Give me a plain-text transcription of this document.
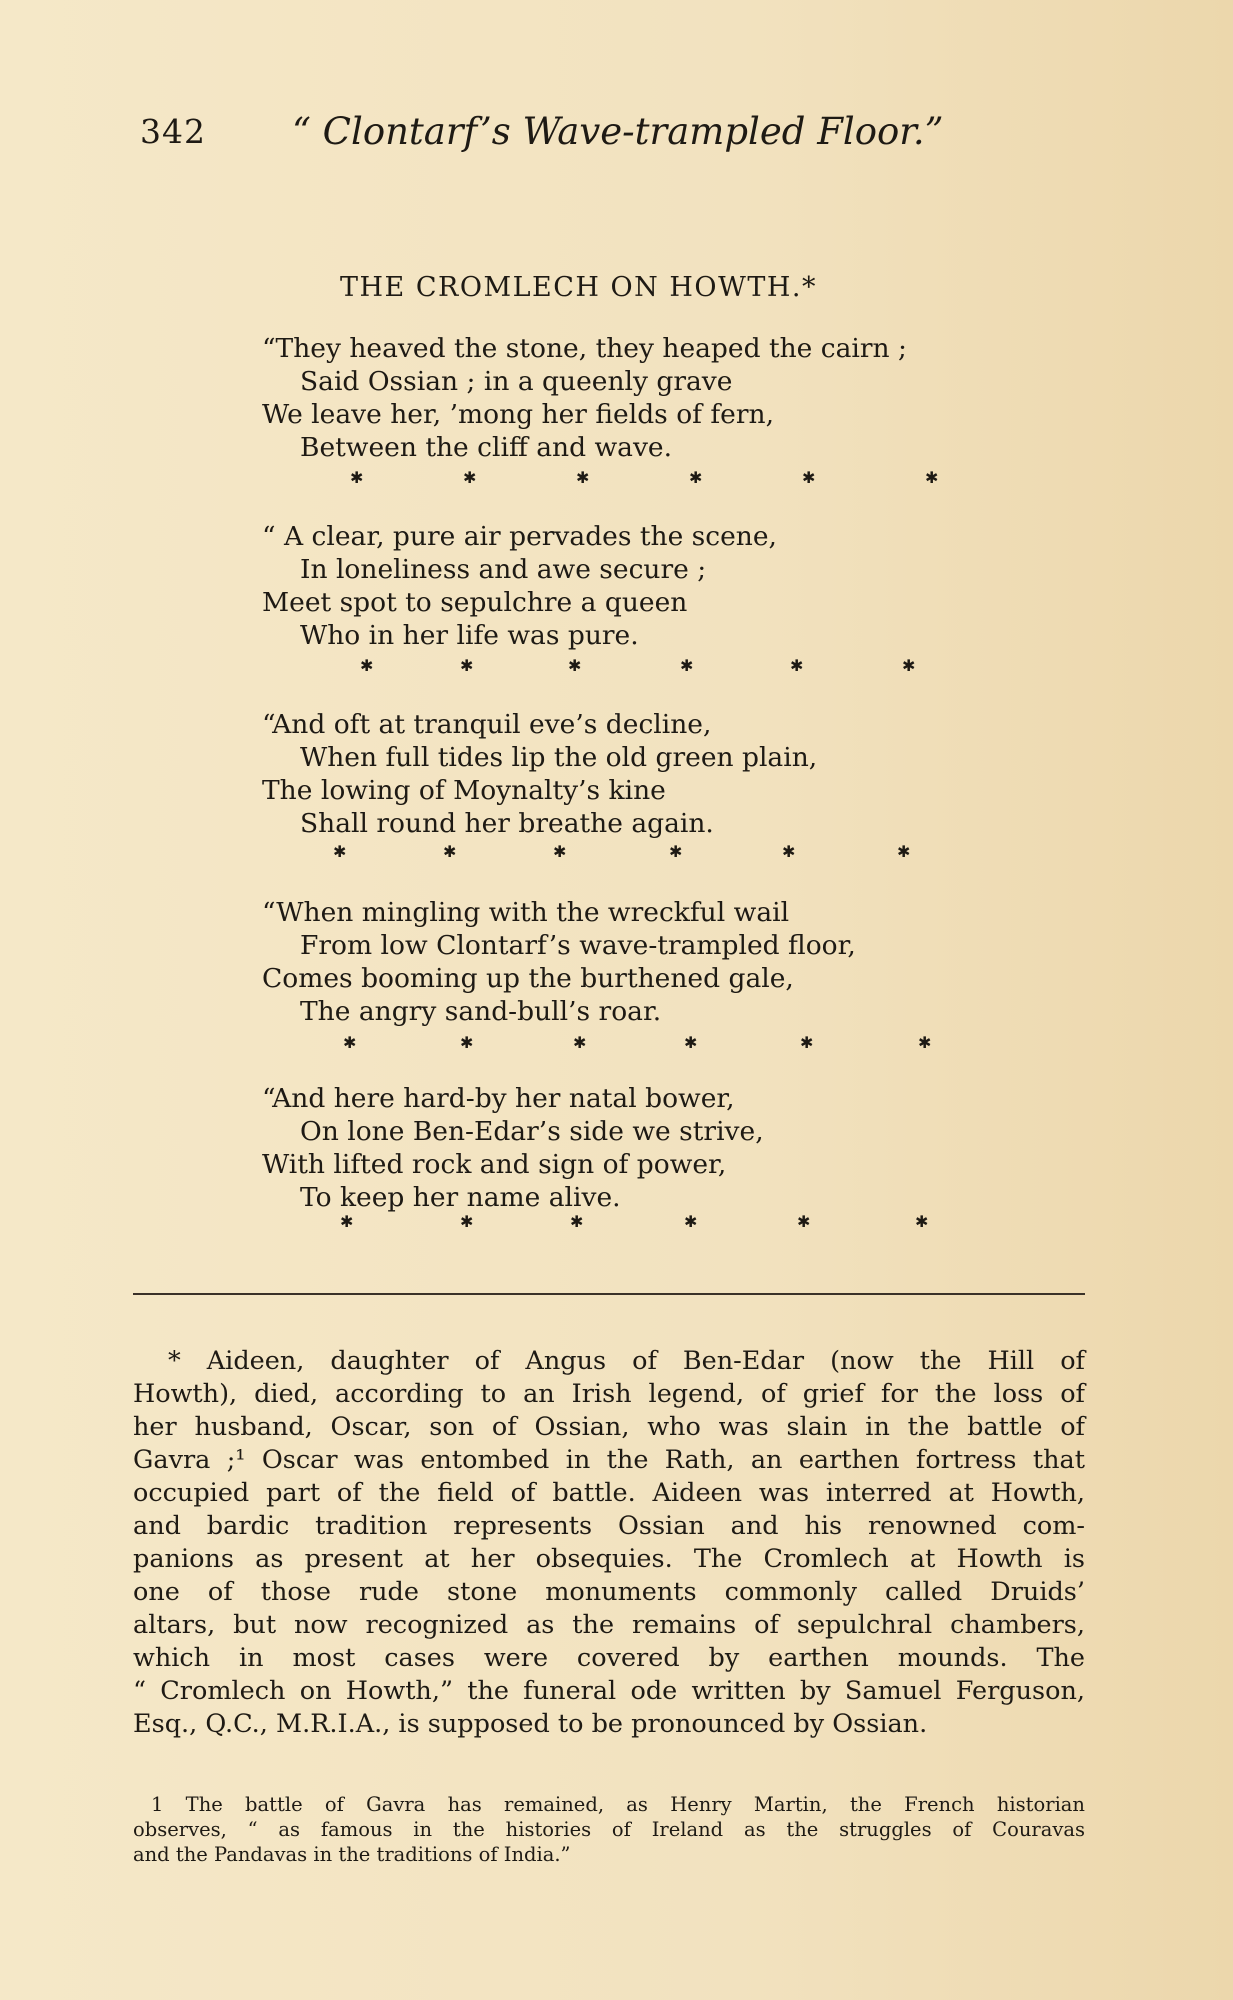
342 “ Clontarf’s Wave-trampled Floor.”
THE CROMLECH ON HOWTH.*
“They heaved the stone, they heaped the cairn ;
Said Ossian ; in a queenly grave
We leave her, ’mong her fields of fern,
Between the cliff and wave.
✱	✱	✱	✱	✱	✱
“ A clear, pure air pervades the scene,
In loneliness and awe secure ;
Meet spot to sepulchre a queen
Who in her life was pure.
✱	✱	✱	✱	✱	✱
“And oft at tranquil eve’s decline,
When full tides lip the old green plain,
The lowing of Moynalty’s kine
Shall round her breathe again.
✱	✱	✱	✱	✱	✱
“When mingling with the wreckful wail
From low Clontarf’s wave-trampled floor,
Comes booming up the burthened gale,
The angry sand-bull’s roar.
✱	✱	✱	✱	✱	✱
“And here hard-by her natal bower,
On lone Ben-Edar’s side we strive,
With lifted rock and sign of power,
To keep her name alive.
✱	✱	✱	✱	✱	✱
* Aideen, daughter of Angus of Ben-Edar (now the Hill of
Howth), died, according to an Irish legend, of grief for the loss of
her husband, Oscar, son of Ossian, who was slain in the battle of
Gavra ;¹ Oscar was entombed in the Rath, an earthen fortress that
occupied part of the field of battle. Aideen was interred at Howth,
and bardic tradition represents Ossian and his renowned com-
panions as present at her obsequies. The Cromlech at Howth is
one of those rude stone monuments commonly called Druids’
altars, but now recognized as the remains of sepulchral chambers,
which in most cases were covered by earthen mounds. The
“ Cromlech on Howth,” the funeral ode written by Samuel Ferguson,
Esq., Q.C., M.R.I.A., is supposed to be pronounced by Ossian.
1 The battle of Gavra has remained, as Henry Martin, the French historian
observes, “ as famous in the histories of Ireland as the struggles of Couravas
and the Pandavas in the traditions of India.”
